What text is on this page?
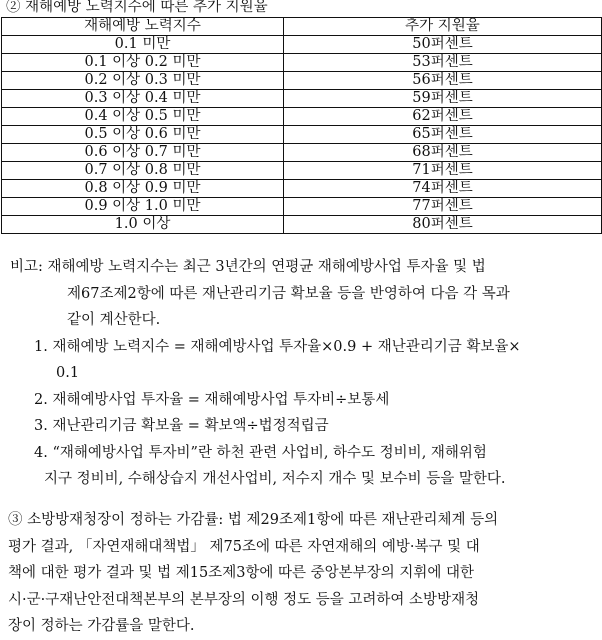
② 재해예방 노력지수에 따른 추가 지원율
재해예방 노력지수	추가 지원율
0.1 미만	50퍼센트
0.1 이상 0.2 미만	53퍼센트
0.2 이상 0.3 미만	56퍼센트
0.3 이상 0.4 미만	59퍼센트
0.4 이상 0.5 미만	62퍼센트
0.5 이상 0.6 미만	65퍼센트
0.6 이상 0.7 미만	68퍼센트
0.7 이상 0.8 미만	71퍼센트
0.8 이상 0.9 미만	74퍼센트
0.9 이상 1.0 미만	77퍼센트
1.0 이상	80퍼센트
비고: 재해예방 노력지수는 최근 3년간의 연평균 재해예방사업 투자율 및 법
제67조제2항에 따른 재난관리기금 확보율 등을 반영하여 다음 각 목과
같이 계산한다.
1. 재해예방 노력지수 = 재해예방사업 투자율×0.9 + 재난관리기금 확보율×
0.1
2. 재해예방사업 투자율 = 재해예방사업 투자비÷보통세
3. 재난관리기금 확보율 = 확보액÷법정적립금
4. “재해예방사업 투자비”란 하천 관련 사업비, 하수도 정비비, 재해위험
지구 정비비, 수해상습지 개선사업비, 저수지 개수 및 보수비 등을 말한다.
③ 소방방재청장이 정하는 가감률: 법 제29조제1항에 따른 재난관리체계 등의
평가 결과, 「자연재해대책법」 제75조에 따른 자연재해의 예방·복구 및 대
책에 대한 평가 결과 및 법 제15조제3항에 따른 중앙본부장의 지휘에 대한
시·군·구재난안전대책본부의 본부장의 이행 정도 등을 고려하여 소방방재청
장이 정하는 가감률을 말한다.
